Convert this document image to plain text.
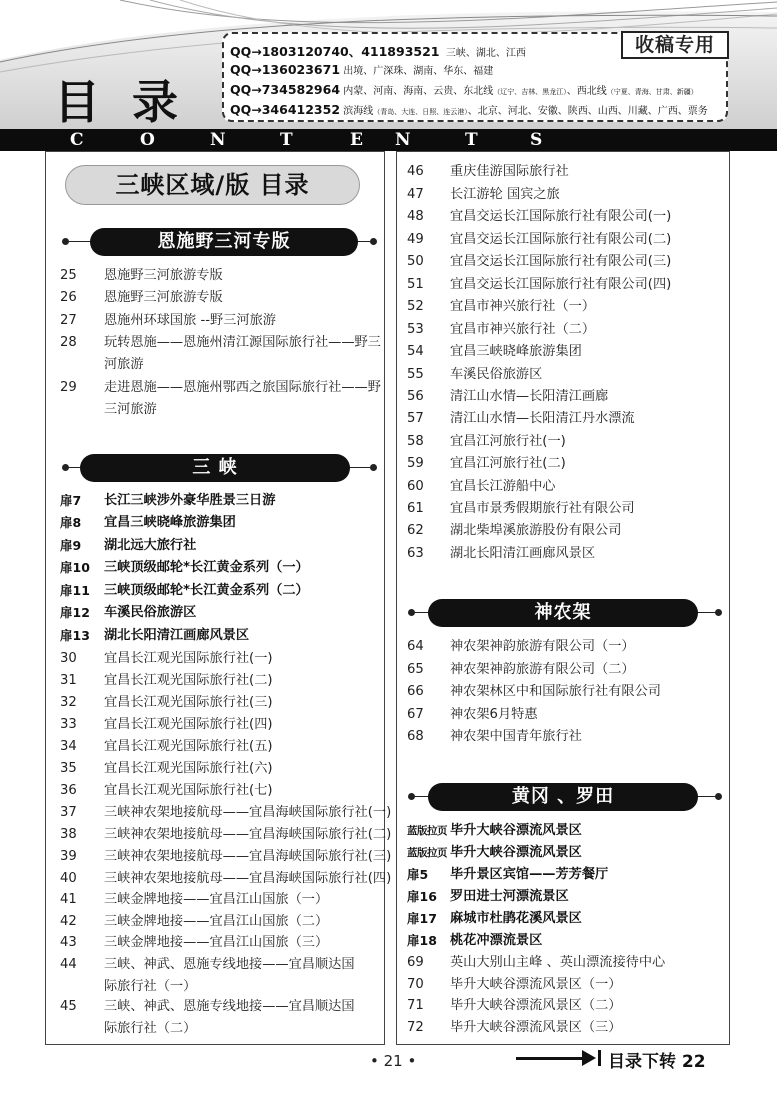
目 录
QQ→1803120740、411893521 三峡、湖北、江西
QQ→136023671 出境、广深珠、湖南、华东、福建
QQ→734582964 内蒙、河南、海南、云贵、东北线（辽宁、吉林、黑龙江）、西北线（宁夏、青海、甘肃、新疆）
QQ→346412352 滨海线（青岛、大连、日照、连云港）、北京、河北、安徽、陕西、山西、川藏、广西、票务
收稿专用
C	O	N	T	E N	T	S
三峡区域/版 目录
恩施野三河专版
25 恩施野三河旅游专版
26 恩施野三河旅游专版
27 恩施州环球国旅 --野三河旅游
28 玩转恩施——恩施州清江源国际旅行社——野三
河旅游
29 走进恩施——恩施州鄂西之旅国际旅行社——野
三河旅游
三 峡
扉7 长江三峡涉外豪华胜景三日游
扉8 宜昌三峡晓峰旅游集团
扉9 湖北远大旅行社
扉10 三峡顶级邮轮*长江黄金系列（一）
扉11 三峡顶级邮轮*长江黄金系列（二）
扉12 车溪民俗旅游区
扉13 湖北长阳清江画廊风景区
30 宜昌长江观光国际旅行社(一)
31 宜昌长江观光国际旅行社(二)
32 宜昌长江观光国际旅行社(三)
33 宜昌长江观光国际旅行社(四)
34 宜昌长江观光国际旅行社(五)
35 宜昌长江观光国际旅行社(六)
36 宜昌长江观光国际旅行社(七)
37 三峡神农架地接航母——宜昌海峡国际旅行社(一)
38 三峡神农架地接航母——宜昌海峡国际旅行社(二)
39 三峡神农架地接航母——宜昌海峡国际旅行社(三)
40 三峡神农架地接航母——宜昌海峡国际旅行社(四)
41 三峡金牌地接——宜昌江山国旅（一）
42 三峡金牌地接——宜昌江山国旅（二）
43 三峡金牌地接——宜昌江山国旅（三）
44 三峡、神武、恩施专线地接——宜昌顺达国
际旅行社（一）
45 三峡、神武、恩施专线地接——宜昌顺达国
际旅行社（二）
46 重庆佳游国际旅行社
47 长江游轮 国宾之旅
48 宜昌交运长江国际旅行社有限公司(一)
49 宜昌交运长江国际旅行社有限公司(二)
50 宜昌交运长江国际旅行社有限公司(三)
51 宜昌交运长江国际旅行社有限公司(四)
52 宜昌市神兴旅行社（一）
53 宜昌市神兴旅行社（二）
54 宜昌三峡晓峰旅游集团
55 车溪民俗旅游区
56 清江山水情—长阳清江画廊
57 清江山水情—长阳清江丹水漂流
58 宜昌江河旅行社(一)
59 宜昌江河旅行社(二)
60 宜昌长江游船中心
61 宜昌市景秀假期旅行社有限公司
62 湖北柴埠溪旅游股份有限公司
63 湖北长阳清江画廊风景区
神农架
64 神农架神韵旅游有限公司（一）
65 神农架神韵旅游有限公司（二）
66 神农架林区中和国际旅行社有限公司
67 神农架6月特惠
68 神农架中国青年旅行社
黄冈 、罗田
蓝版拉页 毕升大峡谷漂流风景区
蓝版拉页 毕升大峡谷漂流风景区
扉5 毕升景区宾馆——芳芳餐厅
扉16 罗田进士河漂流景区
扉17 麻城市杜鹃花溪风景区
扉18 桃花冲漂流景区
69 英山大别山主峰 、英山漂流接待中心
70 毕升大峡谷漂流风景区（一）
71 毕升大峡谷漂流风景区（二）
72 毕升大峡谷漂流风景区（三）
• 21 •	目录下转 22
